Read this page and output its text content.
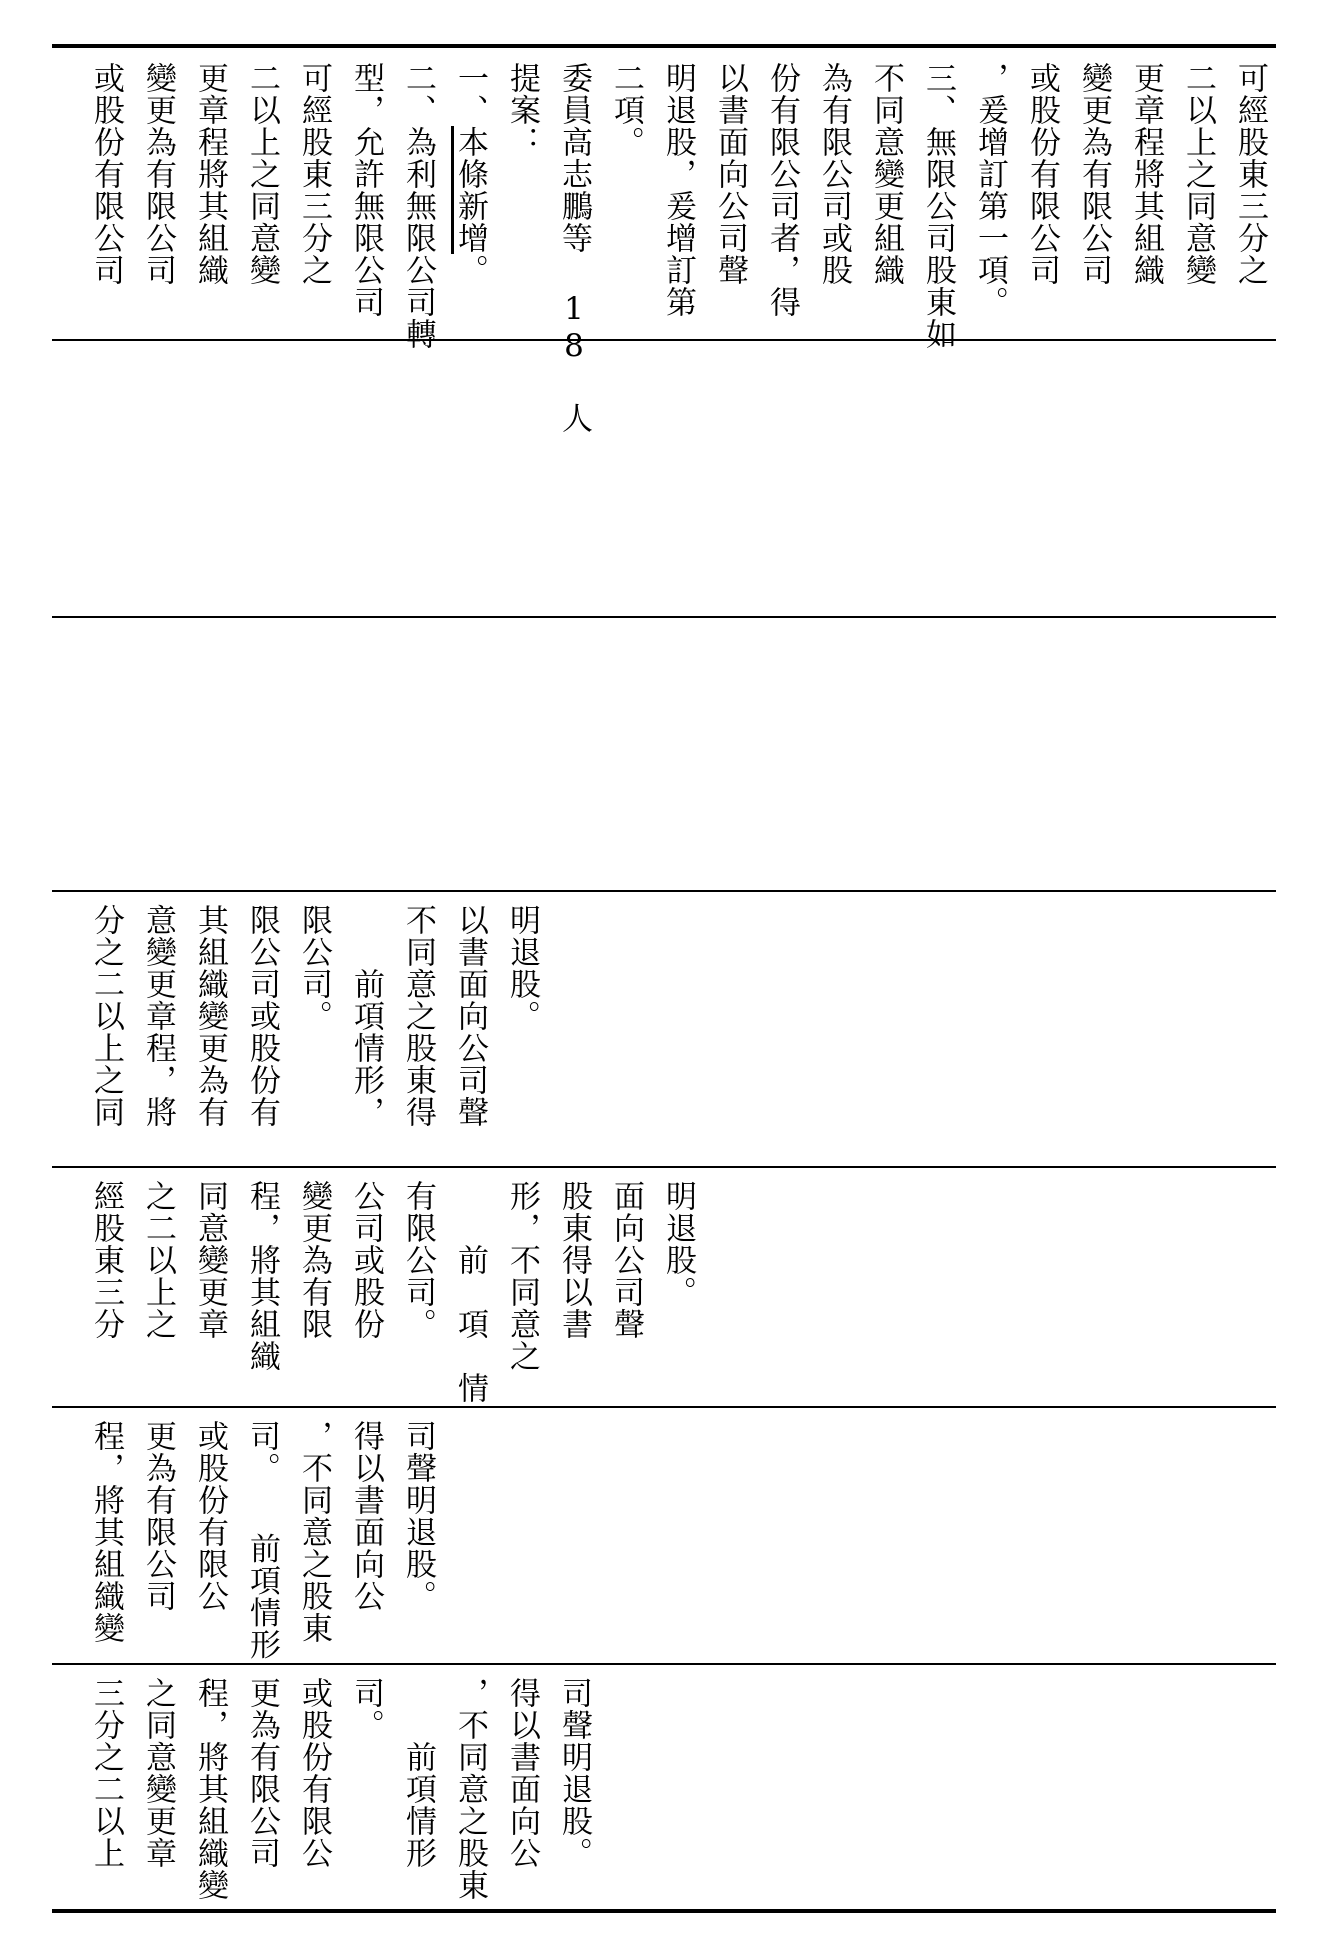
可經股東三分之
二以上之同意變
更章程將其組織
變更為有限公司
或股份有限公司
，爰增訂第一項。
三、無限公司股東如
不同意變更組織
為有限公司或股
份有限公司者，得
以書面向公司聲
明退股，爰增訂第
二項。
委員高志鵬等 18 人
提案：
一、本條新增。
二、為利無限公司轉
型，允許無限公司
可經股東三分之
二以上之同意變
更章程將其組織
變更為有限公司
或股份有限公司
分之二以上之同 意變更章程，將 其組織變更為有 限公司或股份有 限公司。 　　前項情形， 不同意之股東得 以書面向公司聲 明退股。
經股東三分 之二以上之 同意變更章 程，將其組織 變更為有限 公司或股份 有限公司。 　　前　項　情 形，不同意之 股東得以書 面向公司聲 明退股。
程，將其組織變 更為有限公司 或股份有限公 司。　　前項情形 ，不同意之股東 得以書面向公 司聲明退股。
三分之二以上 之同意變更章 程，將其組織變 更為有限公司 或股份有限公 司。 　　前項情形 ，不同意之股東 得以書面向公 司聲明退股。
